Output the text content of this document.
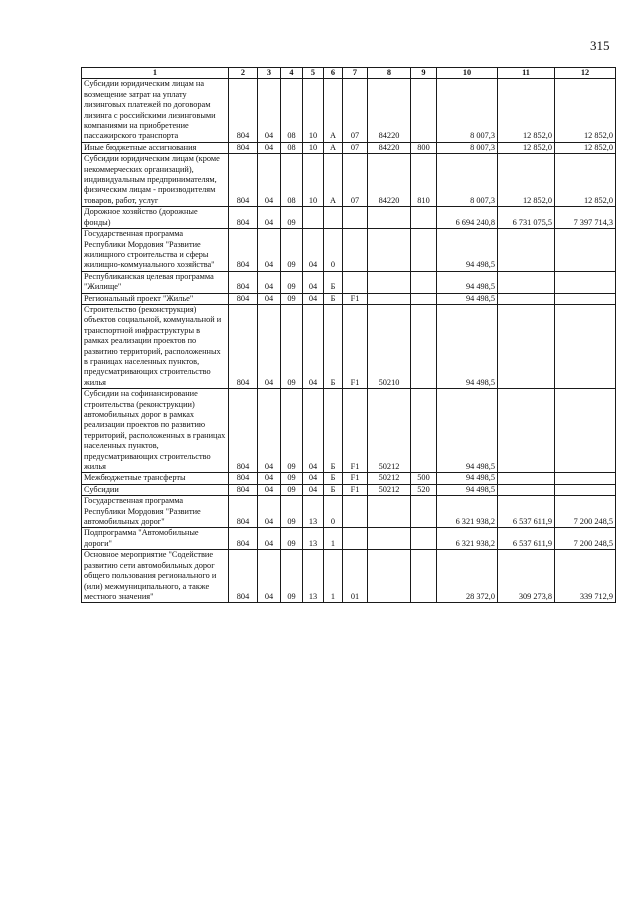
315
1	2	3	4	5	6	7	8	9	10	11	12
Субсидии юридическим лицам на возмещение затрат на уплату лизинговых платежей по договорам лизинга с российскими лизинговыми компаниями на приобретение пассажирского транспорта	804	04	08	10	А	07	84220		8 007,3	12 852,0	12 852,0
Иные бюджетные ассигнования	804	04	08	10	А	07	84220	800	8 007,3	12 852,0	12 852,0
Субсидии юридическим лицам (кроме некоммерческих организаций), индивидуальным предпринимателям, физическим лицам - производителям товаров, работ, услуг	804	04	08	10	А	07	84220	810	8 007,3	12 852,0	12 852,0
Дорожное хозяйство (дорожные фонды)	804	04	09						6 694 240,8	6 731 075,5	7 397 714,3
Государственная программа Республики Мордовия "Развитие жилищного строительства и сферы жилищно-коммунального хозяйства"	804	04	09	04	0				94 498,5		
Республиканская целевая программа "Жилище"	804	04	09	04	Б				94 498,5		
Региональный проект "Жилье"	804	04	09	04	Б	F1			94 498,5		
Строительство (реконструкция) объектов социальной, коммунальной и транспортной инфраструктуры в рамках реализации проектов по развитию территорий, расположенных в границах населенных пунктов, предусматривающих строительство жилья	804	04	09	04	Б	F1	50210		94 498,5		
Субсидии на софинансирование строительства (реконструкции) автомобильных дорог в рамках реализации проектов по развитию территорий, расположенных в границах населенных пунктов, предусматривающих строительство жилья	804	04	09	04	Б	F1	50212		94 498,5		
Межбюджетные трансферты	804	04	09	04	Б	F1	50212	500	94 498,5		
Субсидии	804	04	09	04	Б	F1	50212	520	94 498,5		
Государственная программа Республики Мордовия "Развитие автомобильных дорог"	804	04	09	13	0				6 321 938,2	6 537 611,9	7 200 248,5
Подпрограмма "Автомобильные дороги"	804	04	09	13	1				6 321 938,2	6 537 611,9	7 200 248,5
Основное мероприятие "Содействие развитию сети автомобильных дорог общего пользования регионального и (или) межмуниципального, а также местного значения"	804	04	09	13	1	01			28 372,0	309 273,8	339 712,9
